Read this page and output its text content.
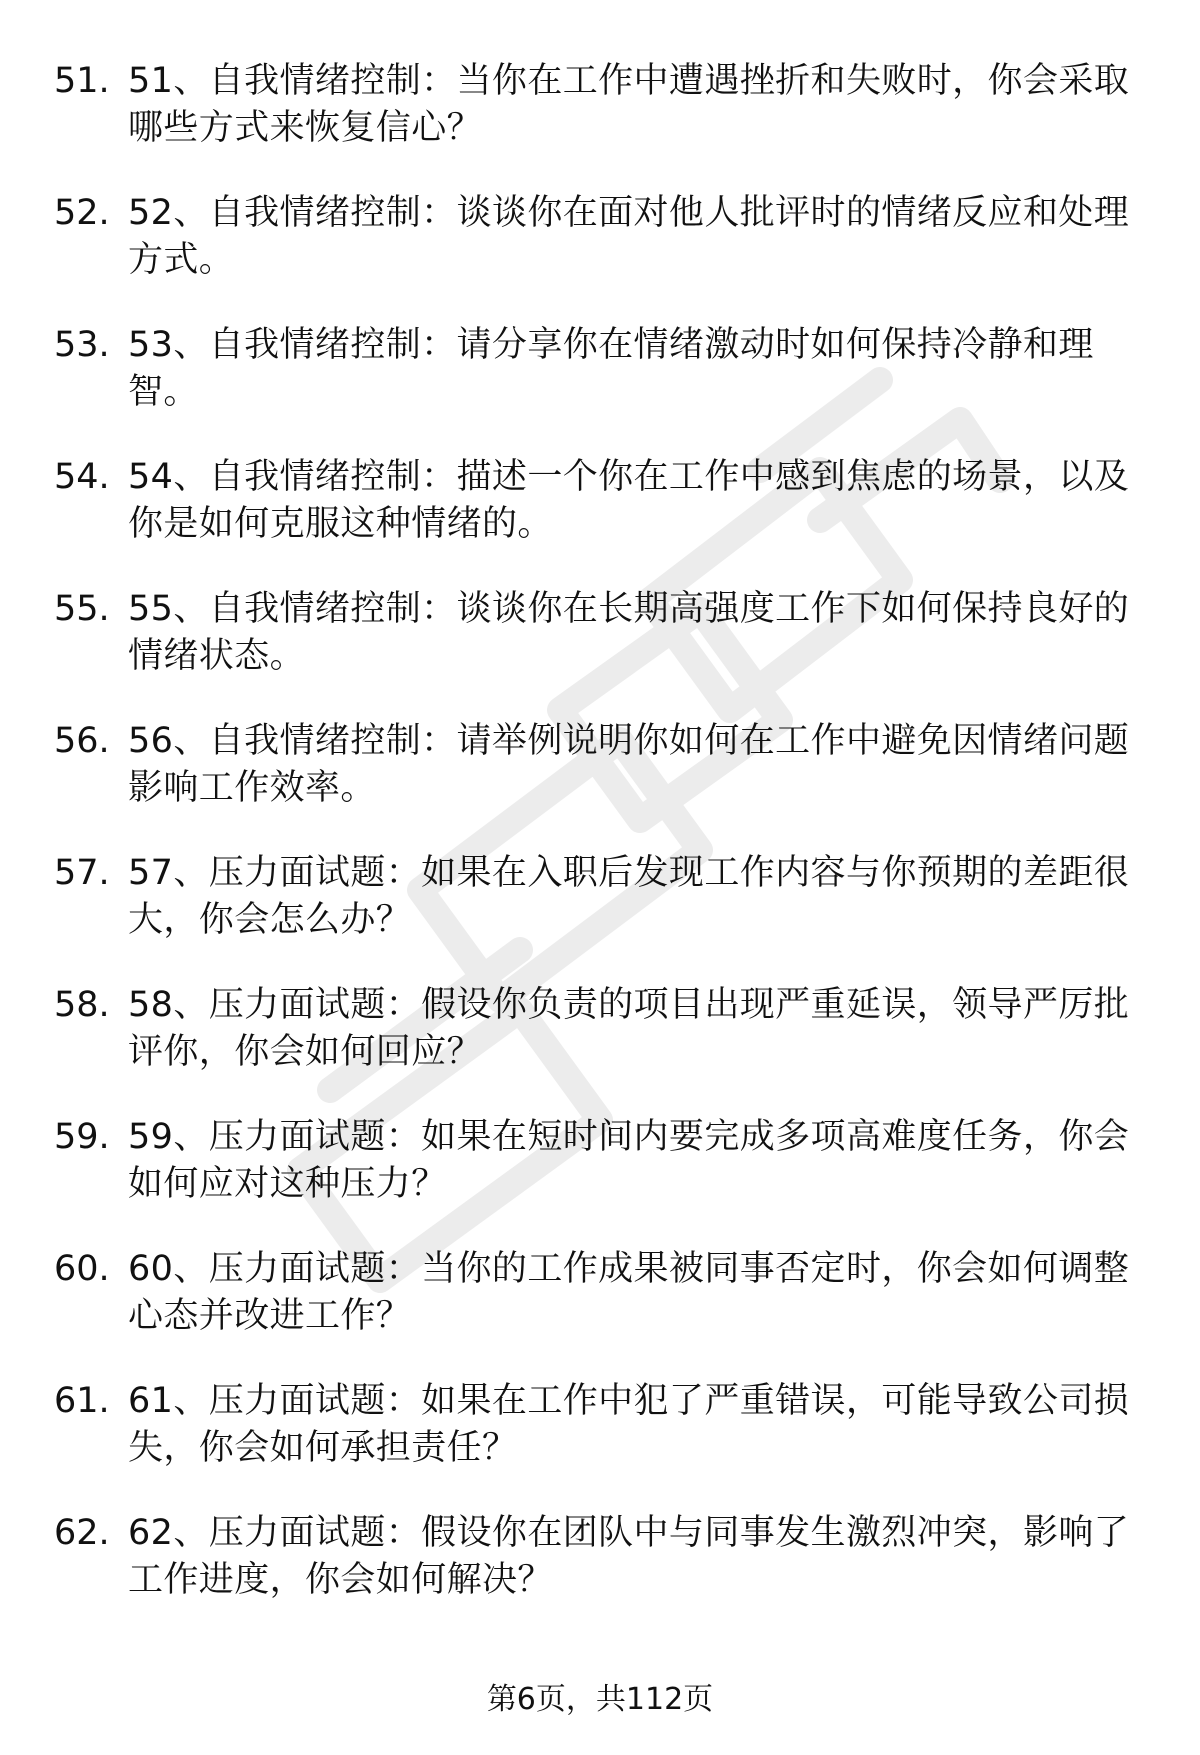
51. 51、自我情绪控制：当你在工作中遭遇挫折和失败时，你会采取哪些方式来恢复信心？
52. 52、自我情绪控制：谈谈你在面对他人批评时的情绪反应和处理方式。
53. 53、自我情绪控制：请分享你在情绪激动时如何保持冷静和理智。
54. 54、自我情绪控制：描述一个你在工作中感到焦虑的场景，以及你是如何克服这种情绪的。
55. 55、自我情绪控制：谈谈你在长期高强度工作下如何保持良好的情绪状态。
56. 56、自我情绪控制：请举例说明你如何在工作中避免因情绪问题影响工作效率。
57. 57、压力面试题：如果在入职后发现工作内容与你预期的差距很大，你会怎么办？
58. 58、压力面试题：假设你负责的项目出现严重延误，领导严厉批评你，你会如何回应？
59. 59、压力面试题：如果在短时间内要完成多项高难度任务，你会如何应对这种压力？
60. 60、压力面试题：当你的工作成果被同事否定时，你会如何调整心态并改进工作？
61. 61、压力面试题：如果在工作中犯了严重错误，可能导致公司损失，你会如何承担责任？
62. 62、压力面试题：假设你在团队中与同事发生激烈冲突，影响了工作进度，你会如何解决？
第6页，共112页
